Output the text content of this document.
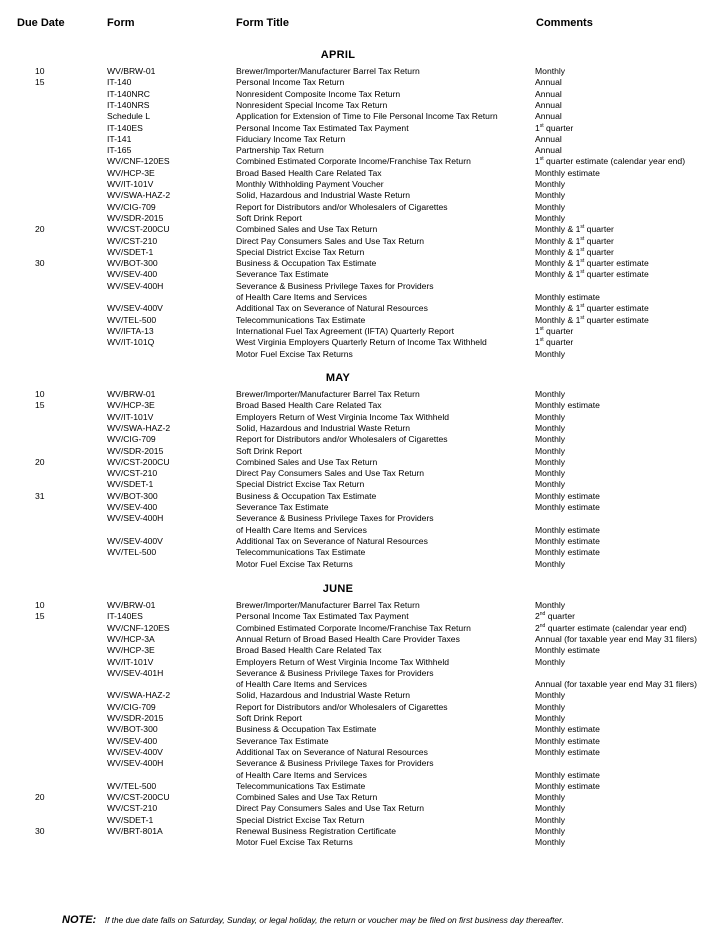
Due Date	Form	Form Title	Comments
APRIL
10	WV/BRW-01	Brewer/Importer/Manufacturer Barrel Tax Return	Monthly
15	IT-140	Personal Income Tax Return	Annual
IT-140NRC	Nonresident Composite Income Tax Return	Annual
IT-140NRS	Nonresident Special Income Tax Return	Annual
Schedule L	Application for Extension of Time to File Personal Income Tax Return	Annual
IT-140ES	Personal Income Tax Estimated Tax Payment	1st quarter
IT-141	Fiduciary Income Tax Return	Annual
IT-165	Partnership Tax Return	Annual
WV/CNF-120ES	Combined Estimated Corporate Income/Franchise Tax Return	1st quarter estimate (calendar year end)
WV/HCP-3E	Broad Based Health Care Related Tax	Monthly estimate
WV/IT-101V	Monthly Withholding Payment Voucher	Monthly
WV/SWA-HAZ-2	Solid, Hazardous and Industrial Waste Return	Monthly
WV/CIG-709	Report for Distributors and/or Wholesalers of Cigarettes	Monthly
WV/SDR-2015	Soft Drink Report	Monthly
20	WV/CST-200CU	Combined Sales and Use Tax Return	Monthly & 1st quarter
WV/CST-210	Direct Pay Consumers Sales and Use Tax Return	Monthly & 1st quarter
WV/SDET-1	Special District Excise Tax Return	Monthly & 1st quarter
30	WV/BOT-300	Business & Occupation Tax Estimate	Monthly & 1st quarter estimate
WV/SEV-400	Severance Tax Estimate	Monthly & 1st quarter estimate
WV/SEV-400H	Severance & Business Privilege Taxes for Providers
of Health Care Items and Services	Monthly estimate
WV/SEV-400V	Additional Tax on Severance of Natural Resources	Monthly & 1st quarter estimate
WV/TEL-500	Telecommunications Tax Estimate	Monthly & 1st quarter estimate
WV/IFTA-13	International Fuel Tax Agreement (IFTA) Quarterly Report	1st quarter
WV/IT-101Q	West Virginia Employers Quarterly Return of Income Tax Withheld	1st quarter
Motor Fuel Excise Tax Returns	Monthly
MAY
10	WV/BRW-01	Brewer/Importer/Manufacturer Barrel Tax Return	Monthly
15	WV/HCP-3E	Broad Based Health Care Related Tax	Monthly estimate
WV/IT-101V	Employers Return of West Virginia Income Tax Withheld	Monthly
WV/SWA-HAZ-2	Solid, Hazardous and Industrial Waste Return	Monthly
WV/CIG-709	Report for Distributors and/or Wholesalers of Cigarettes	Monthly
WV/SDR-2015	Soft Drink Report	Monthly
20	WV/CST-200CU	Combined Sales and Use Tax Return	Monthly
WV/CST-210	Direct Pay Consumers Sales and Use Tax Return	Monthly
WV/SDET-1	Special District Excise Tax Return	Monthly
31	WV/BOT-300	Business & Occupation Tax Estimate	Monthly estimate
WV/SEV-400	Severance Tax Estimate	Monthly estimate
WV/SEV-400H	Severance & Business Privilege Taxes for Providers
of Health Care Items and Services	Monthly estimate
WV/SEV-400V	Additional Tax on Severance of Natural Resources	Monthly estimate
WV/TEL-500	Telecommunications Tax Estimate	Monthly estimate
Motor Fuel Excise Tax Returns	Monthly
JUNE
10	WV/BRW-01	Brewer/Importer/Manufacturer Barrel Tax Return	Monthly
15	IT-140ES	Personal Income Tax Estimated Tax Payment	2nd quarter
WV/CNF-120ES	Combined Estimated Corporate Income/Franchise Tax Return	2nd quarter estimate (calendar year end)
WV/HCP-3A	Annual Return of Broad Based Health Care Provider Taxes	Annual (for taxable year end May 31 filers)
WV/HCP-3E	Broad Based Health Care Related Tax	Monthly estimate
WV/IT-101V	Employers Return of West Virginia Income Tax Withheld	Monthly
WV/SEV-401H	Severance & Business Privilege Taxes for Providers
of Health Care Items and Services	Annual (for taxable year end May 31 filers)
WV/SWA-HAZ-2	Solid, Hazardous and Industrial Waste Return	Monthly
WV/CIG-709	Report for Distributors and/or Wholesalers of Cigarettes	Monthly
WV/SDR-2015	Soft Drink Report	Monthly
WV/BOT-300	Business & Occupation Tax Estimate	Monthly estimate
WV/SEV-400	Severance Tax Estimate	Monthly estimate
WV/SEV-400V	Additional Tax on Severance of Natural Resources	Monthly estimate
WV/SEV-400H	Severance & Business Privilege Taxes for Providers
of Health Care Items and Services	Monthly estimate
WV/TEL-500	Telecommunications Tax Estimate	Monthly estimate
20	WV/CST-200CU	Combined Sales and Use Tax Return	Monthly
WV/CST-210	Direct Pay Consumers Sales and Use Tax Return	Monthly
WV/SDET-1	Special District Excise Tax Return	Monthly
30	WV/BRT-801A	Renewal Business Registration Certificate	Monthly
Motor Fuel Excise Tax Returns	Monthly
NOTE: If the due date falls on Saturday, Sunday, or legal holiday, the return or voucher may be filed on first business day thereafter.
